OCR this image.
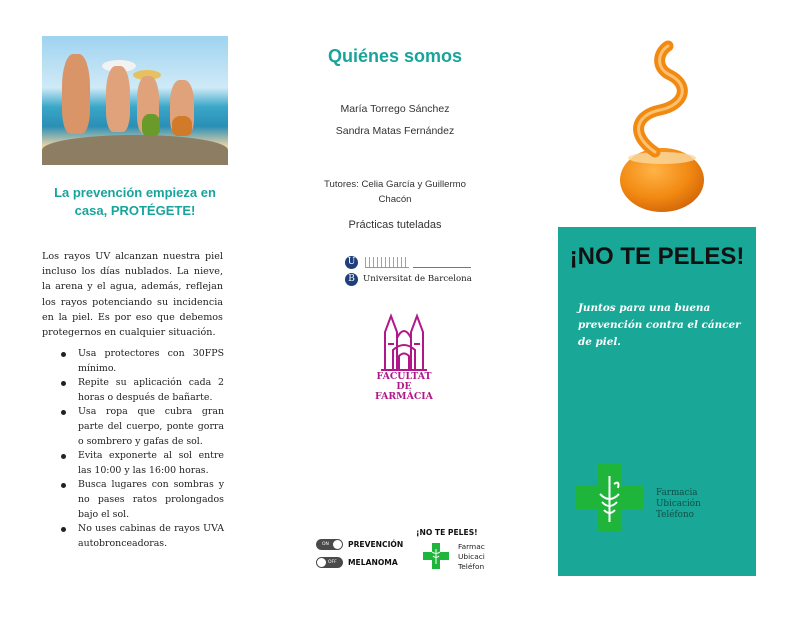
La prevención empieza en
casa, PROTÉGETE!

Los rayos UV alcanzan nuestra piel incluso los días nublados. La nieve, la arena y el agua, además, reflejan los rayos potenciando su incidencia en la piel. Es por eso que debemos protegernos en cualquier situación.

Usa protectores con 30FPS mínimo.
Repite su aplicación cada 2 horas o después de bañarte.
Usa ropa que cubra gran parte del cuerpo, ponte gorra o sombrero y gafas de sol.
Evita exponerte al sol entre las 10:00 y las 16:00 horas.
Busca lugares con sombras y no pases ratos prolongados bajo el sol.
No uses cabinas de rayos UVA autobronceadoras.
Quiénes somos
María Torrego Sánchez
Sandra Matas Fernández
Tutores: Celia García y Guillermo
Chacón
Prácticas tuteladas
U
B Universitat de Barcelona
FACULTAT DE
FARMÀCIA
ON	PREVENCIÓN
OFF MELANOMA
¡NO TE PELES!
Farmac
Ubicaci
Teléfon
¡NO TE PELES!
Juntos para una buena prevención contra el cáncer de piel.
Farmacia
Ubicación
Teléfono
